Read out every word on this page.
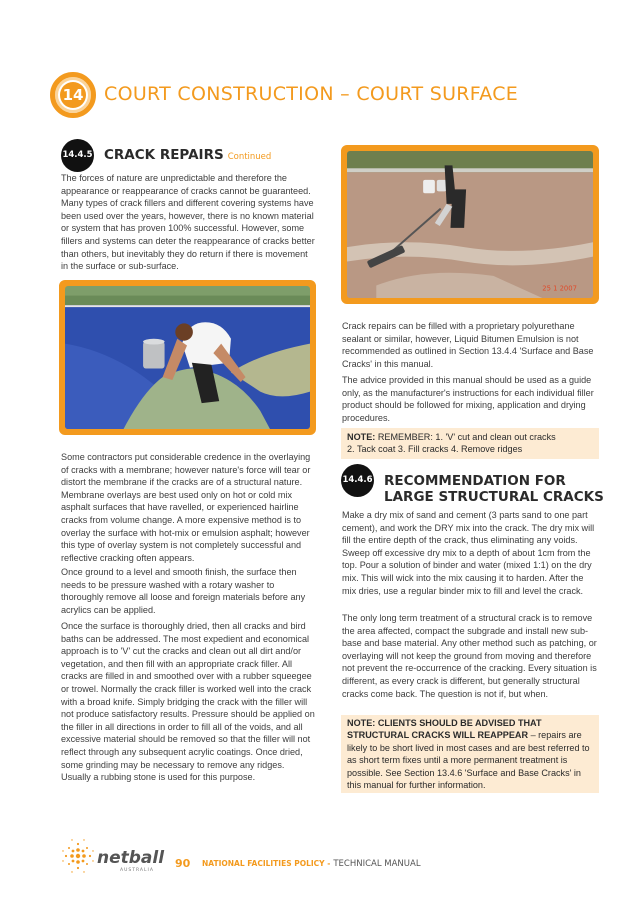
14 COURT CONSTRUCTION – COURT SURFACE
14.4.5 CRACK REPAIRS Continued
The forces of nature are unpredictable and therefore the appearance or reappearance of cracks cannot be guaranteed. Many types of crack fillers and different covering systems have been used over the years, however, there is no known material or system that has proven 100% successful. However, some fillers and systems can deter the reappearance of cracks better than others, but inevitably they do return if there is movement in the surface or sub-surface.
Some contractors put considerable credence in the overlaying of cracks with a membrane; however nature's force will tear or distort the membrane if the cracks are of a structural nature. Membrane overlays are best used only on hot or cold mix asphalt surfaces that have ravelled, or experienced hairline cracks from volume change. A more expensive method is to overlay the surface with hot-mix or emulsion asphalt; however this type of overlay system is not completely successful and reflective cracking often appears.
Once ground to a level and smooth finish, the surface then needs to be pressure washed with a rotary washer to thoroughly remove all loose and foreign materials before any acrylics can be applied.
Once the surface is thoroughly dried, then all cracks and bird baths can be addressed. The most expedient and economical approach is to 'V' cut the cracks and clean out all dirt and/or vegetation, and then fill with an appropriate crack filler. All cracks are filled in and smoothed over with a rubber squeegee or trowel. Normally the crack filler is worked well into the crack with a broad knife. Simply bridging the crack with the filler will not produce satisfactory results. Pressure should be applied on the filler in all directions in order to fill all of the voids, and all excessive material should be removed so that the filler will not reflect through any subsequent acrylic coatings. Once dried, some grinding may be necessary to remove any ridges. Usually a rubbing stone is used for this purpose.
25 1 2007
Crack repairs can be filled with a proprietary polyurethane sealant or similar, however, Liquid Bitumen Emulsion is not recommended as outlined in Section 13.4.4 'Surface and Base Cracks' in this manual.
The advice provided in this manual should be used as a guide only, as the manufacturer's instructions for each individual filler product should be followed for mixing, application and drying procedures.
NOTE: REMEMBER: 1. 'V' cut and clean out cracks
2. Tack coat 3. Fill cracks 4. Remove ridges
14.4.6 RECOMMENDATION FOR
LARGE STRUCTURAL CRACKS
Make a dry mix of sand and cement (3 parts sand to one part cement), and work the DRY mix into the crack. The dry mix will fill the entire depth of the crack, thus eliminating any voids. Sweep off excessive dry mix to a depth of about 1cm from the top. Pour a solution of binder and water (mixed 1:1) on the dry mix. This will wick into the mix causing it to harden. After the mix dries, use a regular binder mix to fill and level the crack.
The only long term treatment of a structural crack is to remove the area affected, compact the subgrade and install new sub-base and base material. Any other method such as patching, or overlaying will not keep the ground from moving and therefore not prevent the re-occurrence of the cracking. Every situation is different, as every crack is different, but generally structural cracks come back. The question is not if, but when.
NOTE: CLIENTS SHOULD BE ADVISED THAT STRUCTURAL CRACKS WILL REAPPEAR – repairs are likely to be short lived in most cases and are best referred to as short term fixes until a more permanent treatment is possible. See Section 13.4.6 'Surface and Base Cracks' in this manual for further information.
netball
AUSTRALIA
90 NATIONAL FACILITIES POLICY - TECHNICAL MANUAL
